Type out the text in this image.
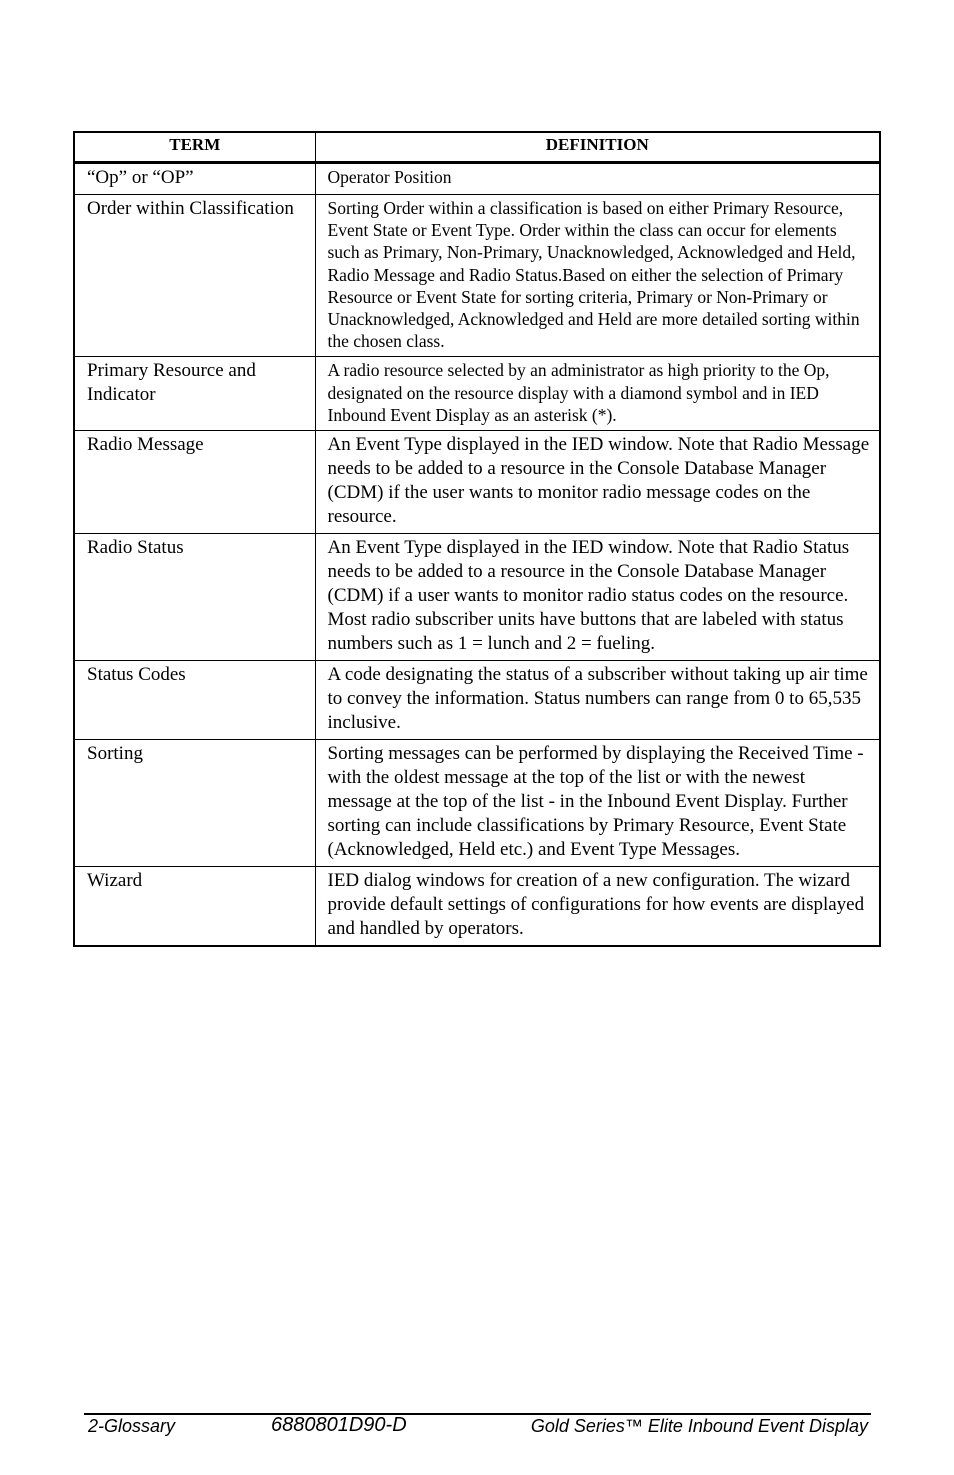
TERM	DEFINITION
“Op” or “OP”	Operator Position
Order within Classification	Sorting Order within a classification is based on either Primary Resource, Event State or Event Type. Order within the class can occur for elements such as Primary, Non-Primary, Unacknowledged, Acknowledged and Held, Radio Message and Radio Status.Based on either the selection of Primary Resource or Event State for sorting criteria, Primary or Non-Primary or Unacknowledged, Acknowledged and Held are more detailed sorting within the chosen class.
Primary Resource and Indicator	A radio resource selected by an administrator as high priority to the Op, designated on the resource display with a diamond symbol and in IED Inbound Event Display as an asterisk (*).
Radio Message	An Event Type displayed in the IED window. Note that Radio Message needs to be added to a resource in the Console Database Manager (CDM) if the user wants to monitor radio message codes on the resource.
Radio Status	An Event Type displayed in the IED window. Note that Radio Status needs to be added to a resource in the Console Database Manager (CDM) if a user wants to monitor radio status codes on the resource. Most radio subscriber units have buttons that are labeled with status numbers such as 1 = lunch and 2 = fueling.
Status Codes	A code designating the status of a subscriber without taking up air time to convey the information. Status numbers can range from 0 to 65,535 inclusive.
Sorting	Sorting messages can be performed by displaying the Received Time -with the oldest message at the top of the list or with the newest message at the top of the list - in the Inbound Event Display. Further sorting can include classifications by Primary Resource, Event State (Acknowledged, Held etc.) and Event Type Messages.
Wizard	IED dialog windows for creation of a new configuration. The wizard provide default settings of configurations for how events are displayed and handled by operators.
2-Glossary	6880801D90-D	Gold Series™ Elite Inbound Event Display
